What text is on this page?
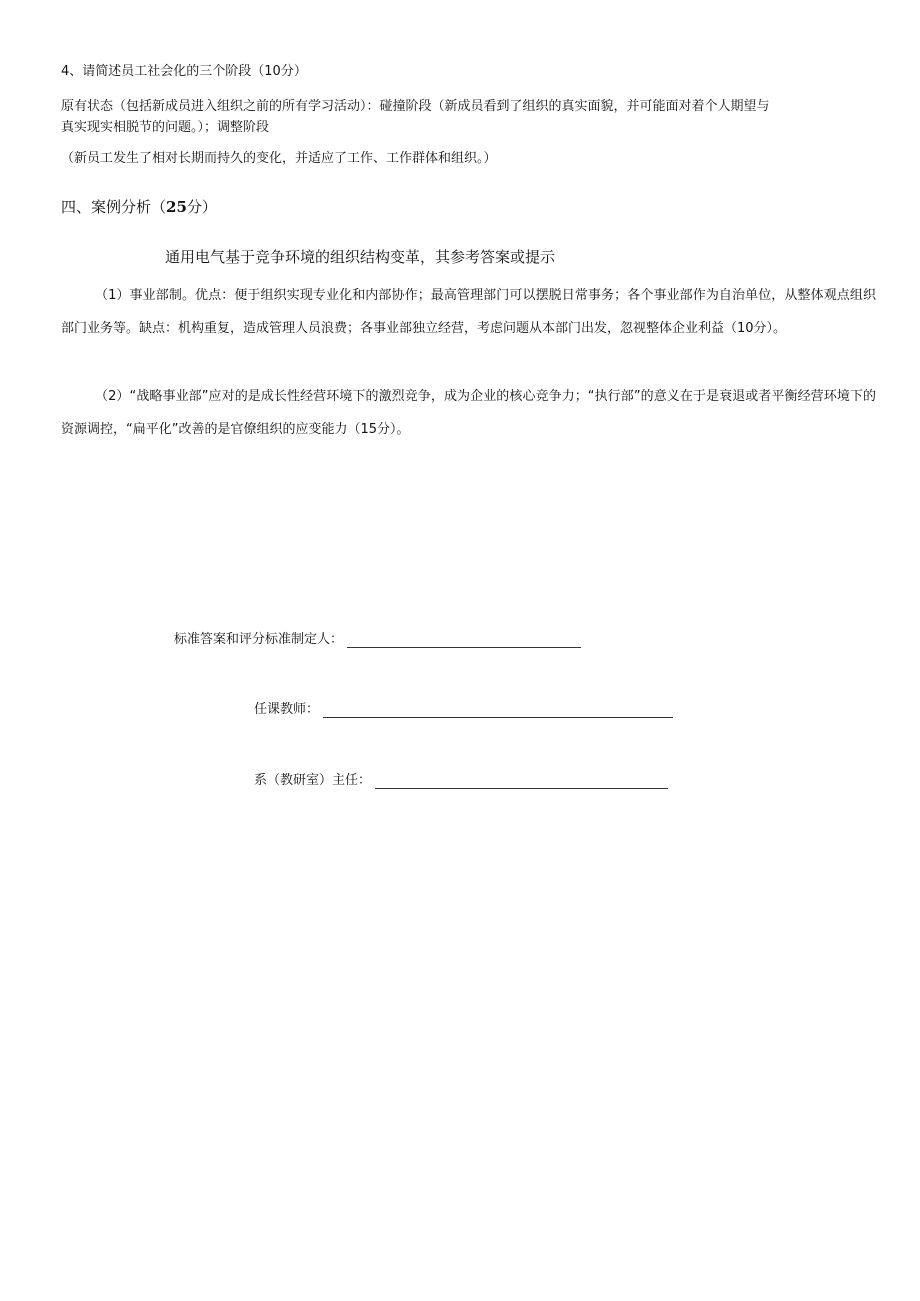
4、请简述员工社会化的三个阶段（10分）
原有状态（包括新成员进入组织之前的所有学习活动）：碰撞阶段（新成员看到了组织的真实面貌，并可能面对着个人期望与
真实现实相脱节的问题。）；调整阶段
（新员工发生了相对长期而持久的变化，并适应了工作、工作群体和组织。）
四、案例分析（25分）
通用电气基于竞争环境的组织结构变革，其参考答案或提示

（1）事业部制。优点：便于组织实现专业化和内部协作；最高管理部门可以摆脱日常事务；各个事业部作为自治单位，从整体观点组织部门业务等。缺点：机构重复，造成管理人员浪费；各事业部独立经营，考虑问题从本部门出发，忽视整体企业利益（10分）。

（2）“战略事业部”应对的是成长性经营环境下的激烈竞争，成为企业的核心竞争力；“执行部”的意义在于是衰退或者平衡经营环境下的资源调控，“扁平化”改善的是官僚组织的应变能力（15分）。

标准答案和评分标准制定人：
任课教师：
系（教研室）主任：
